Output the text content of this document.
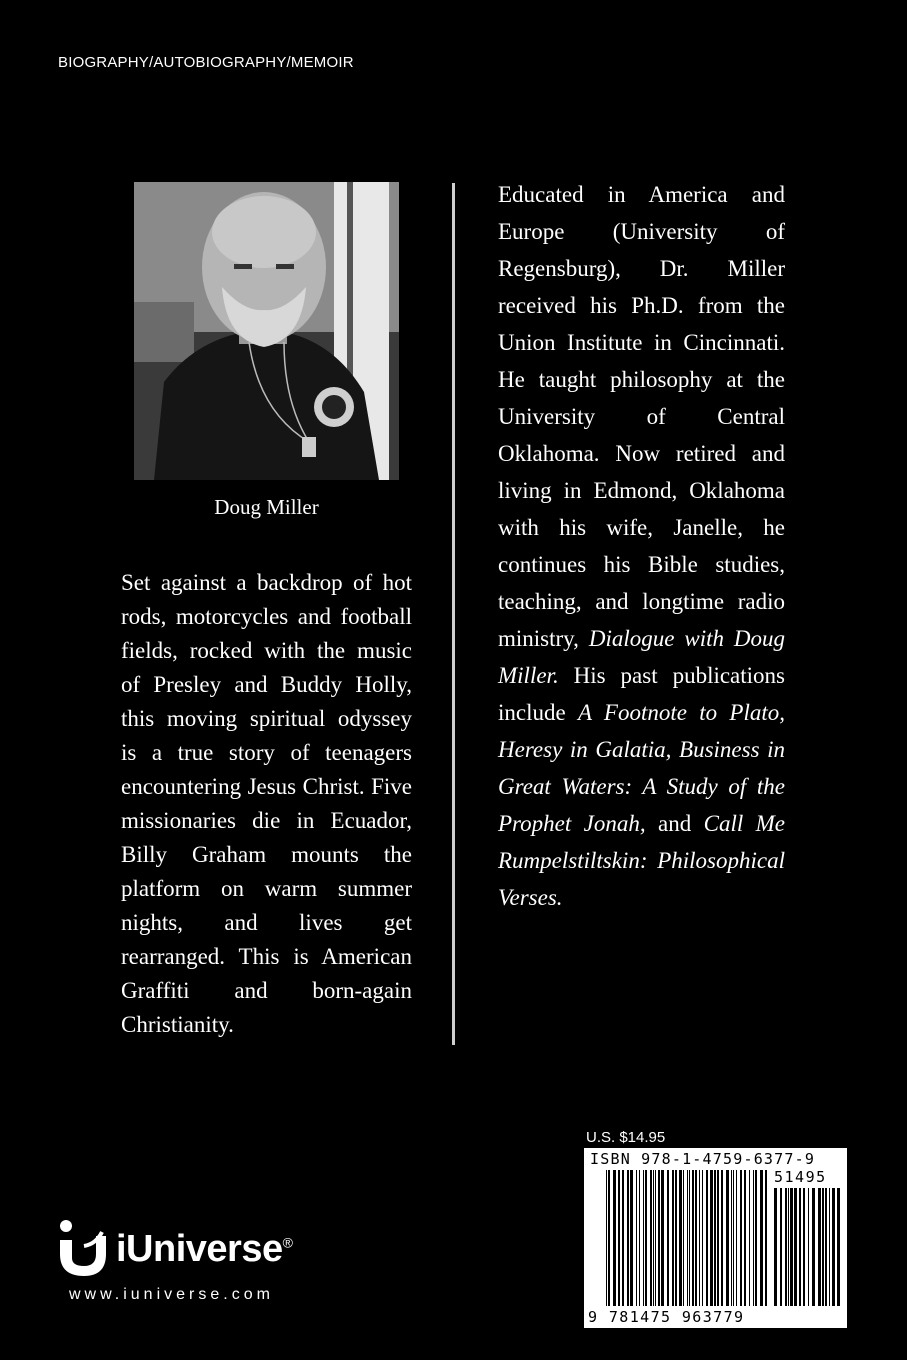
BIOGRAPHY/AUTOBIOGRAPHY/MEMOIR
Doug Miller
Set against a backdrop of hot rods, motorcycles and football fields, rocked with the music of Presley and Buddy Holly, this moving spiritual odyssey is a true story of teenagers encountering Jesus Christ. Five missionaries die in Ecuador, Billy Graham mounts the platform on warm summer nights, and lives get rearranged. This is American Graffiti and born-again Christianity.
Educated in America and Europe (University of Regensburg), Dr. Miller received his Ph.D. from the Union Institute in Cincinnati. He taught philosophy at the University of Central Oklahoma. Now retired and living in Edmond, Oklahoma with his wife, Janelle, he continues his Bible studies, teaching, and longtime radio ministry, Dialogue with Doug Miller. His past publications include A Footnote to Plato, Heresy in Galatia, Business in Great Waters: A Study of the Prophet Jonah, and Call Me Rumpelstiltskin: Philosophical Verses.
U.S. $14.95
ISBN 978-1-4759-6377-9
51495
9 781475 963779
iUniverse®
www.iuniverse.com
